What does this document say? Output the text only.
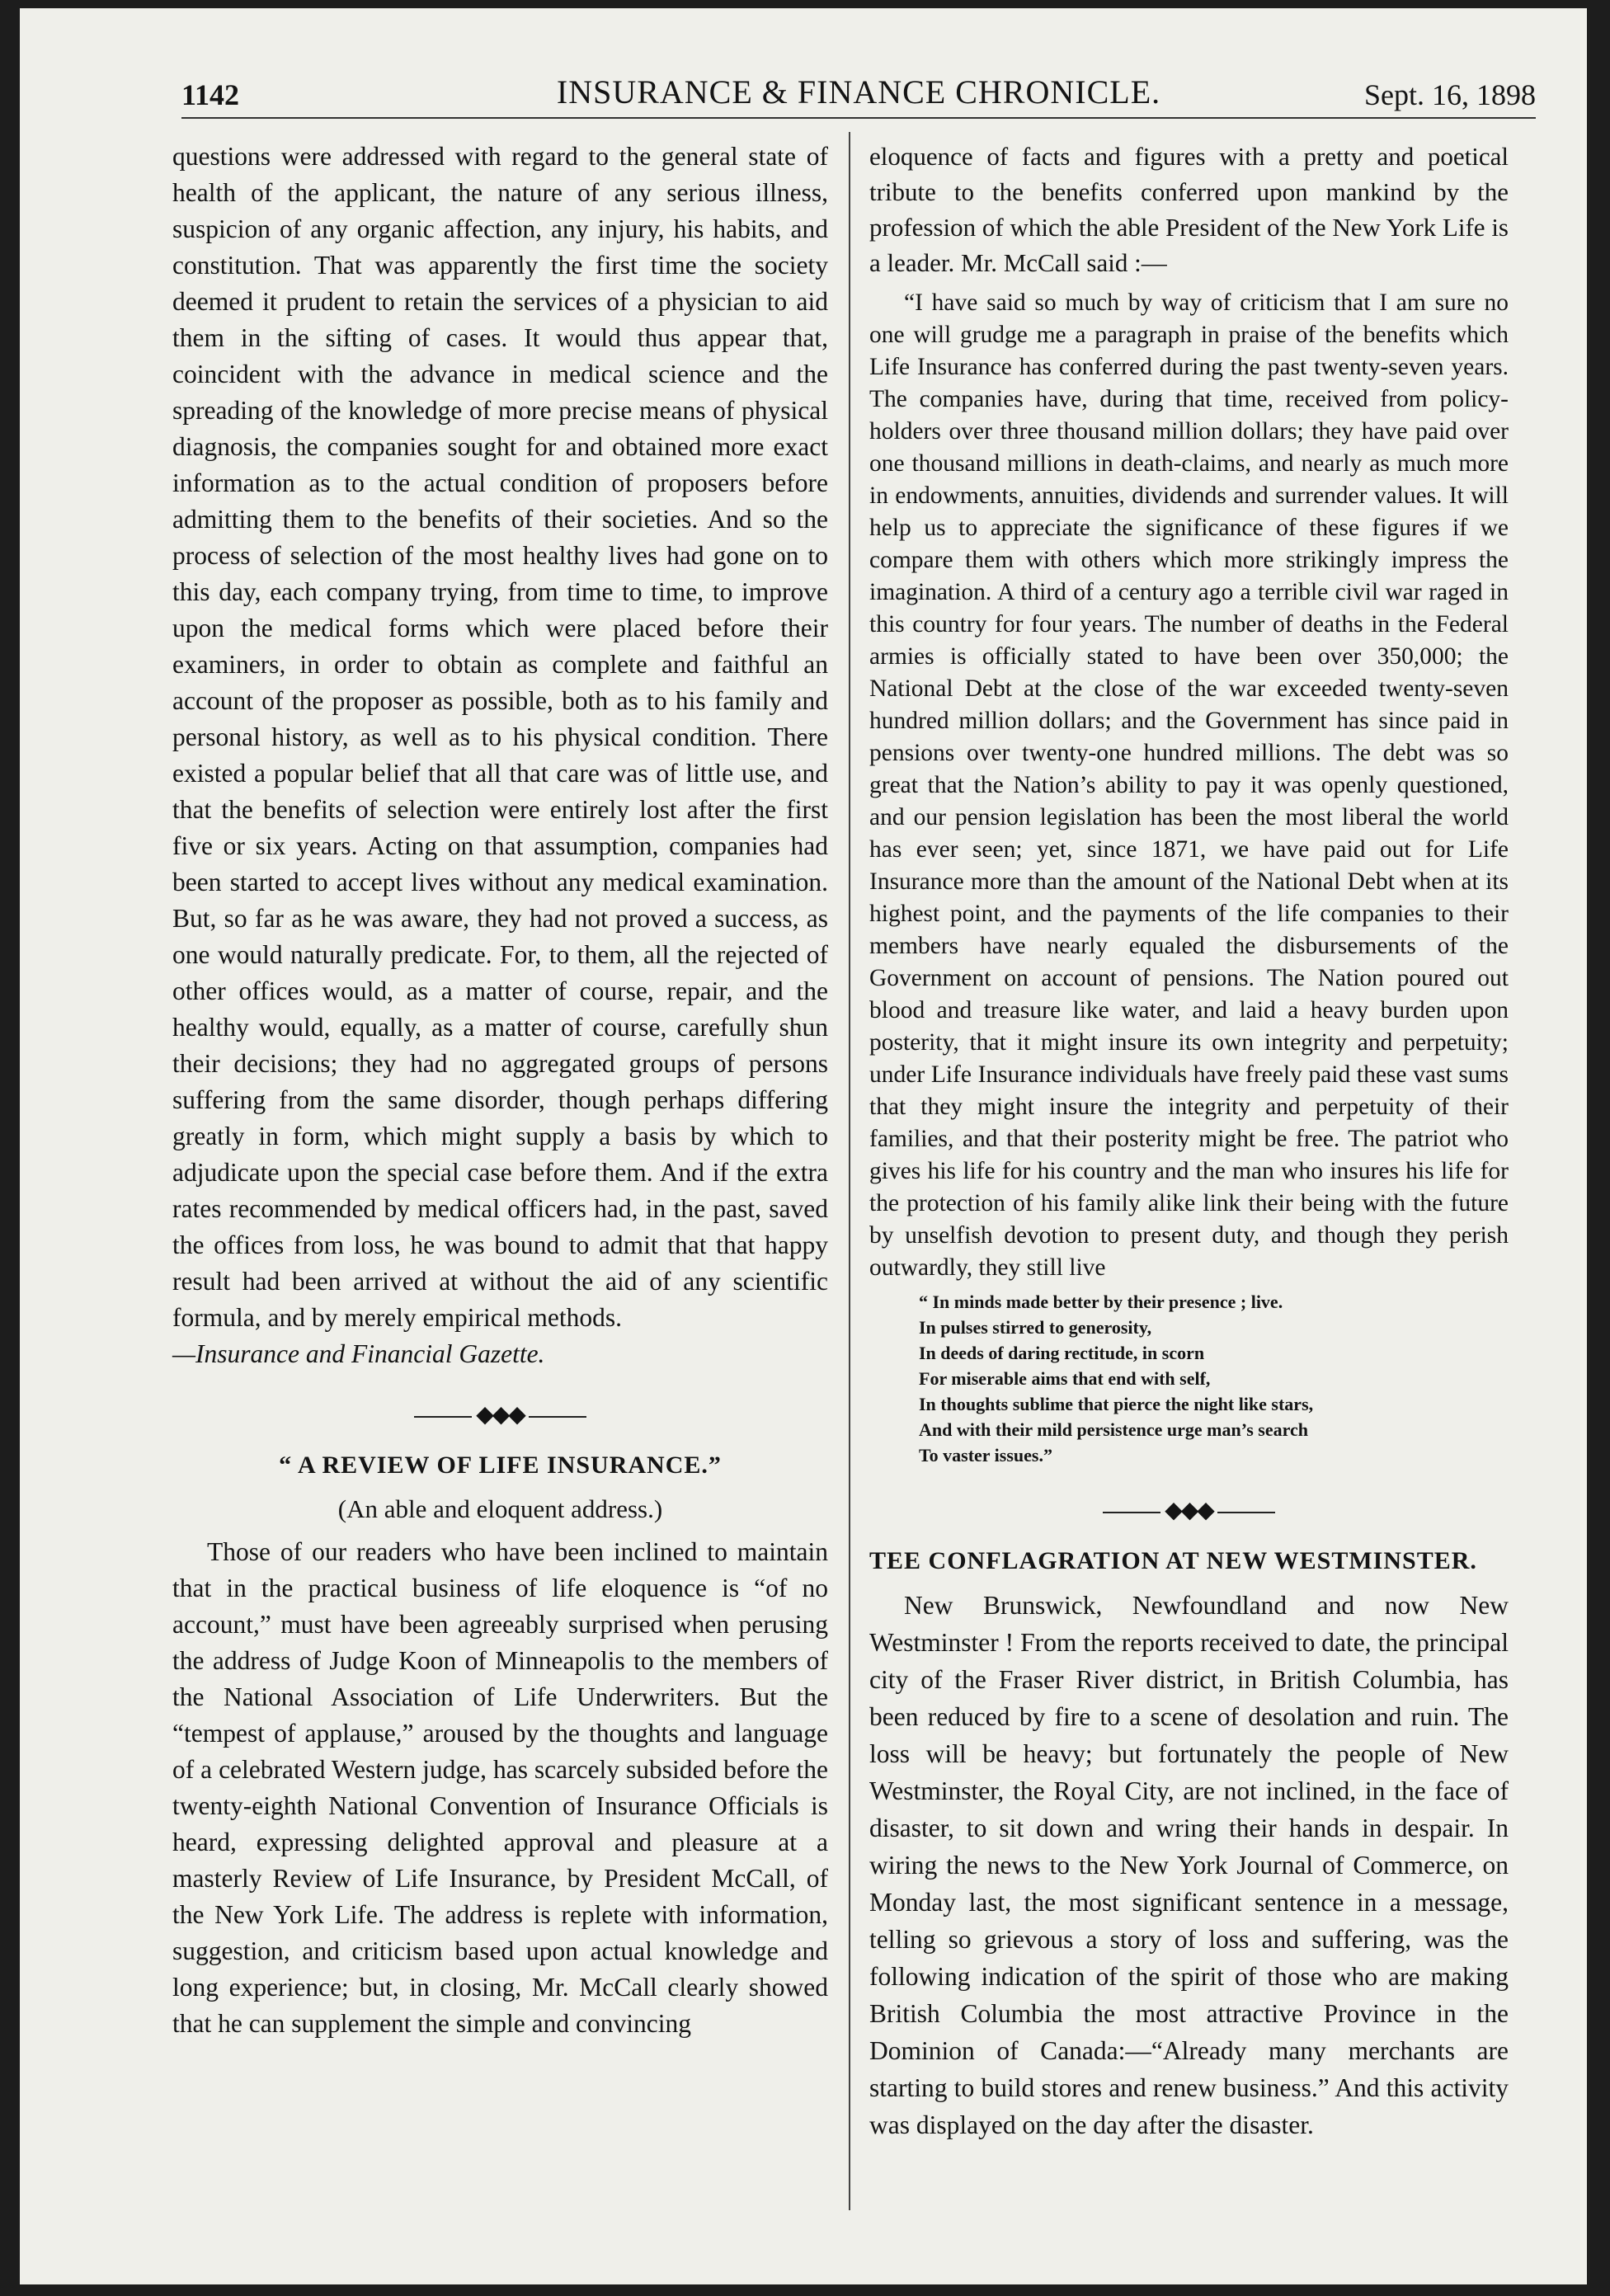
1142	INSURANCE & FINANCE CHRONICLE.	Sept. 16, 1898

questions were addressed with regard to the general state of health of the applicant, the nature of any serious illness, suspicion of any organic affection, any injury, his habits, and constitution. That was apparently the first time the society deemed it prudent to retain the services of a physician to aid them in the sifting of cases. It would thus appear that, coincident with the advance in medical science and the spreading of the knowledge of more precise means of physical diagnosis, the companies sought for and obtained more exact information as to the actual condition of proposers before admitting them to the benefits of their societies. And so the process of selection of the most healthy lives had gone on to this day, each company trying, from time to time, to improve upon the medical forms which were placed before their examiners, in order to obtain as complete and faithful an account of the proposer as possible, both as to his family and personal history, as well as to his physical condition. There existed a popular belief that all that care was of little use, and that the benefits of selection were entirely lost after the first five or six years. Acting on that assumption, companies had been started to accept lives without any medical examination. But, so far as he was aware, they had not proved a success, as one would naturally predicate. For, to them, all the rejected of other offices would, as a matter of course, repair, and the healthy would, equally, as a matter of course, carefully shun their decisions; they had no aggregated groups of persons suffering from the same disorder, though perhaps differing greatly in form, which might supply a basis by which to adjudicate upon the special case before them. And if the extra rates recommended by medical officers had, in the past, saved the offices from loss, he was bound to admit that that happy result had been arrived at without the aid of any scientific formula, and by merely empirical methods.

—Insurance and Financial Gazette.

◆◆◆
“ A REVIEW OF LIFE INSURANCE.”
(An able and eloquent address.)

Those of our readers who have been inclined to maintain that in the practical business of life eloquence is “of no account,” must have been agreeably surprised when perusing the address of Judge Koon of Minneapolis to the members of the National Association of Life Underwriters. But the “tempest of applause,” aroused by the thoughts and language of a celebrated Western judge, has scarcely subsided before the twenty-eighth National Convention of Insurance Officials is heard, expressing delighted approval and pleasure at a masterly Review of Life Insurance, by President McCall, of the New York Life. The address is replete with information, suggestion, and criticism based upon actual knowledge and long experience; but, in closing, Mr. McCall clearly showed that he can supplement the simple and convincing

eloquence of facts and figures with a pretty and poetical tribute to the benefits conferred upon mankind by the profession of which the able President of the New York Life is a leader. Mr. McCall said :—

“I have said so much by way of criticism that I am sure no one will grudge me a paragraph in praise of the benefits which Life Insurance has conferred during the past twenty-seven years. The companies have, during that time, received from policy-holders over three thousand million dollars; they have paid over one thousand millions in death-claims, and nearly as much more in endowments, annuities, dividends and surrender values. It will help us to appreciate the significance of these figures if we compare them with others which more strikingly impress the imagination. A third of a century ago a terrible civil war raged in this country for four years. The number of deaths in the Federal armies is officially stated to have been over 350,000; the National Debt at the close of the war exceeded twenty-seven hundred million dollars; and the Government has since paid in pensions over twenty-one hundred millions. The debt was so great that the Nation’s ability to pay it was openly questioned, and our pension legislation has been the most liberal the world has ever seen; yet, since 1871, we have paid out for Life Insurance more than the amount of the National Debt when at its highest point, and the payments of the life companies to their members have nearly equaled the disbursements of the Government on account of pensions. The Nation poured out blood and treasure like water, and laid a heavy burden upon posterity, that it might insure its own integrity and perpetuity; under Life Insurance individuals have freely paid these vast sums that they might insure the integrity and perpetuity of their families, and that their posterity might be free. The patriot who gives his life for his country and the man who insures his life for the protection of his family alike link their being with the future by unselfish devotion to present duty, and though they perish outwardly, they still live

“ In minds made better by their presence ; live.
In pulses stirred to generosity,
In deeds of daring rectitude, in scorn
For miserable aims that end with self,
In thoughts sublime that pierce the night like stars,
And with their mild persistence urge man’s search
To vaster issues.”
◆◆◆
TEE CONFLAGRATION AT NEW WESTMINSTER.

New Brunswick, Newfoundland and now New Westminster ! From the reports received to date, the principal city of the Fraser River district, in British Columbia, has been reduced by fire to a scene of desolation and ruin. The loss will be heavy; but fortunately the people of New Westminster, the Royal City, are not inclined, in the face of disaster, to sit down and wring their hands in despair. In wiring the news to the New York Journal of Commerce, on Monday last, the most significant sentence in a message, telling so grievous a story of loss and suffering, was the following indication of the spirit of those who are making British Columbia the most attractive Province in the Dominion of Canada:—“Already many merchants are starting to build stores and renew business.” And this activity was displayed on the day after the disaster.
